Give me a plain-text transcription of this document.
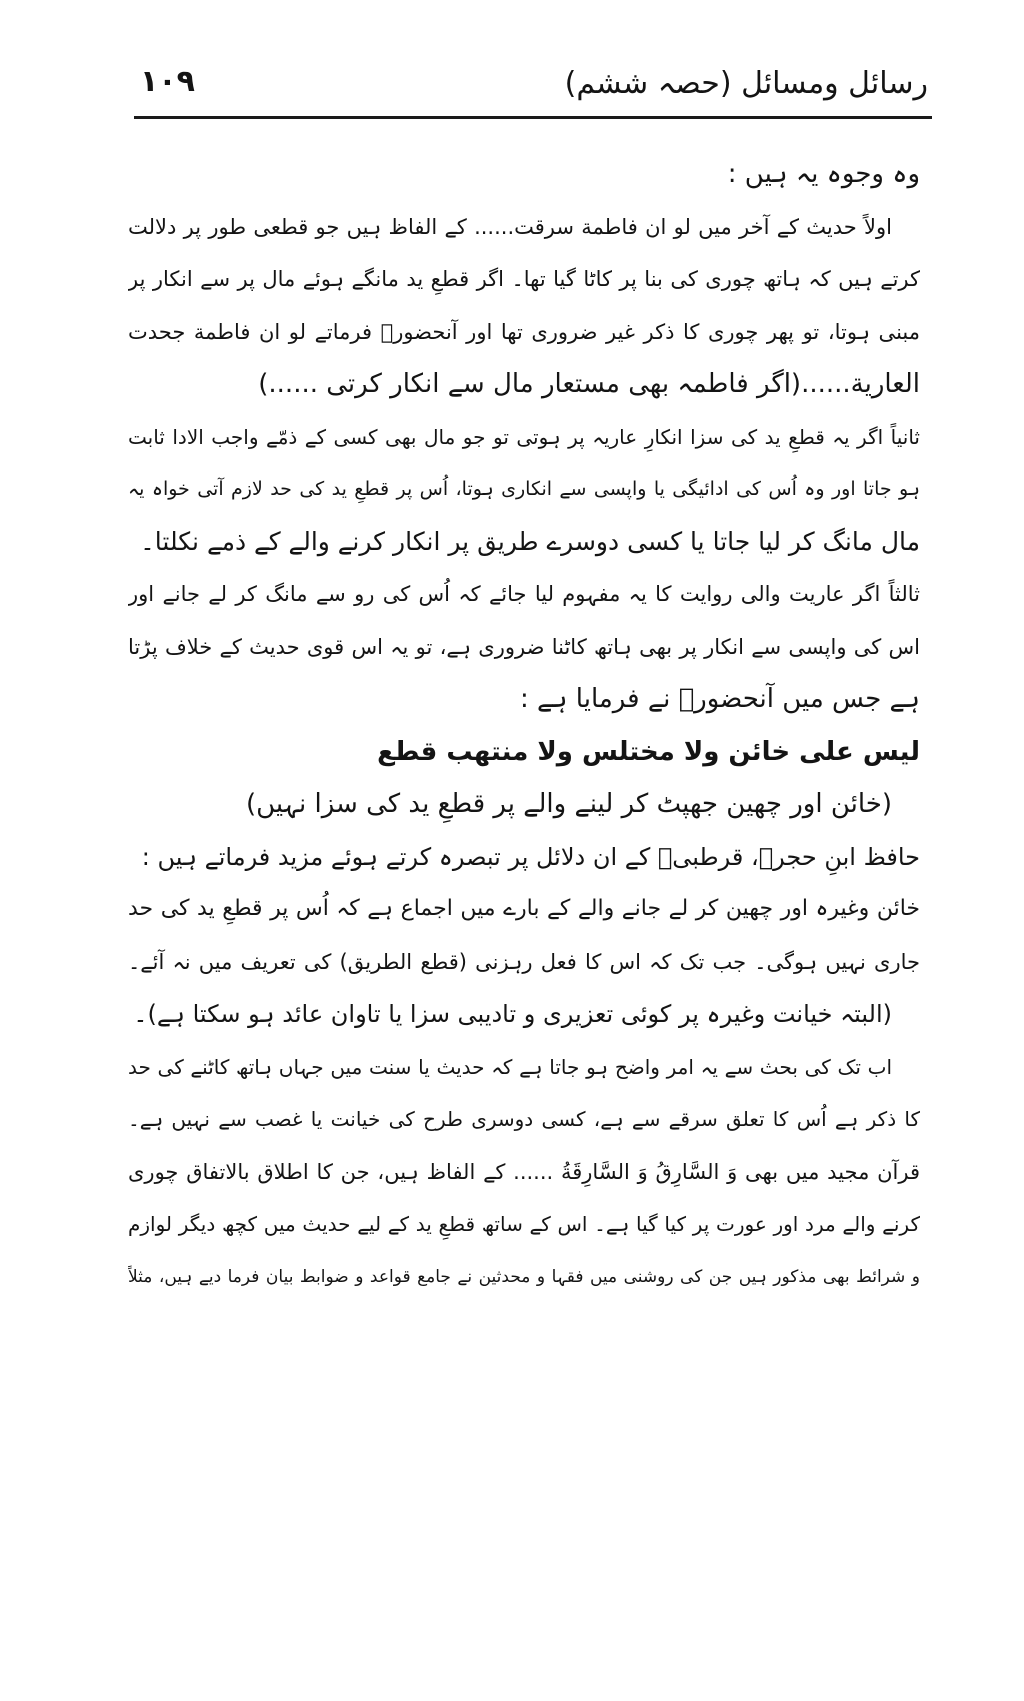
١٠٩	رسائل ومسائل (حصہ ششم)
وہ وجوہ یہ ہیں :
اولاً حدیث کے آخر میں لو ان فاطمة سرقت...... کے الفاظ ہیں جو قطعی طور پر دلالت
کرتے ہیں کہ ہاتھ چوری کی بنا پر کاٹا گیا تھا۔ اگر قطعِ ید مانگے ہوئے مال پر سے انکار پر
مبنی ہوتا، تو پھر چوری کا ذکر غیر ضروری تھا اور آنحضورؐ فرماتے لو ان فاطمة جحدت
العارية......(اگر فاطمہ بھی مستعار مال سے انکار کرتی ......)
ثانیاً اگر یہ قطعِ ید کی سزا انکارِ عاریہ پر ہوتی تو جو مال بھی کسی کے ذمّے واجب الادا ثابت
ہو جاتا اور وہ اُس کی ادائیگی یا واپسی سے انکاری ہوتا، اُس پر قطعِ ید کی حد لازم آتی خواہ یہ
مال مانگ کر لیا جاتا یا کسی دوسرے طریق پر انکار کرنے والے کے ذمے نکلتا۔
ثالثاً اگر عاریت والی روایت کا یہ مفہوم لیا جائے کہ اُس کی رو سے مانگ کر لے جانے اور
اس کی واپسی سے انکار پر بھی ہاتھ کاٹنا ضروری ہے، تو یہ اس قوی حدیث کے خلاف پڑتا
ہے جس میں آنحضورؐ نے فرمایا ہے :
ليس على خائن ولا مختلس ولا منتهب قطع
(خائن اور چھین جھپٹ کر لینے والے پر قطعِ ید کی سزا نہیں)
حافظ ابنِ حجرؒ، قرطبیؒ کے ان دلائل پر تبصرہ کرتے ہوئے مزید فرماتے ہیں :
خائن وغیرہ اور چھین کر لے جانے والے کے بارے میں اجماع ہے کہ اُس پر قطعِ ید کی حد
جاری نہیں ہوگی۔ جب تک کہ اس کا فعل رہزنی (قطع الطريق) کی تعریف میں نہ آئے۔
(البتہ خیانت وغیرہ پر کوئی تعزیری و تادیبی سزا یا تاوان عائد ہو سکتا ہے)۔
اب تک کی بحث سے یہ امر واضح ہو جاتا ہے کہ حدیث یا سنت میں جہاں ہاتھ کاٹنے کی حد
کا ذکر ہے اُس کا تعلق سرقے سے ہے، کسی دوسری طرح کی خیانت یا غصب سے نہیں ہے۔
قرآن مجید میں بھی وَ السَّارِقُ وَ السَّارِقَةُ ...... کے الفاظ ہیں، جن کا اطلاق بالاتفاق چوری
کرنے والے مرد اور عورت پر کیا گیا ہے۔ اس کے ساتھ قطعِ ید کے لیے حدیث میں کچھ دیگر لوازم
و شرائط بھی مذکور ہیں جن کی روشنی میں فقہا و محدثین نے جامع قواعد و ضوابط بیان فرما دیے ہیں، مثلاً
